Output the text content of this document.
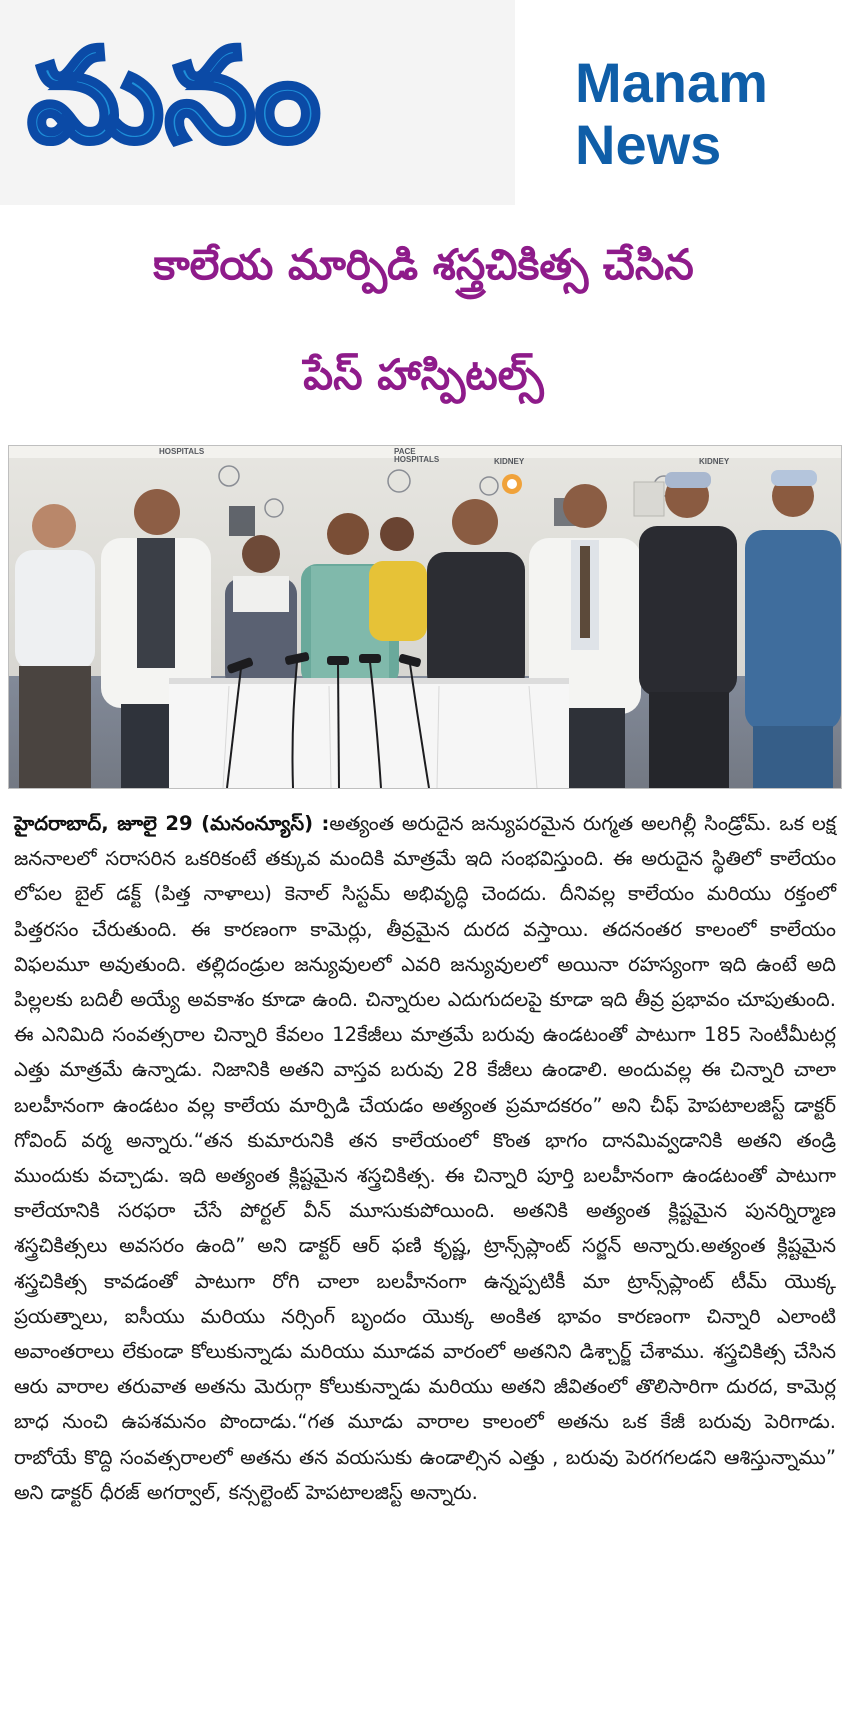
మనం	Manam
News
కాలేయ మార్పిడి శస్త్రచికిత్స చేసిన
పేస్ హాస్పిటల్స్
HOSPITALS	PACE
HOSPITALS	KIDNEY	KIDNEY
హైదరాబాద్, జూలై 29 (మనంన్యూస్) :అత్యంత అరుదైన జన్యుపరమైన రుగ్మత అలగిల్లీ సిండ్రోమ్. ఒక లక్ష జననాలలో సరాసరిన ఒకరికంటే తక్కువ మందికి మాత్రమే ఇది సంభవిస్తుంది. ఈ అరుదైన స్థితిలో కాలేయం లోపల బైల్ డక్ట్ (పిత్త నాళాలు) కెనాల్ సిస్టమ్ అభివృద్ధి చెందదు. దీనివల్ల కాలేయం మరియు రక్తంలో పిత్తరసం చేరుతుంది. ఈ కారణంగా కామెర్లు, తీవ్రమైన దురద వస్తాయి. తదనంతర కాలంలో కాలేయం విఫలమూ అవుతుంది. తల్లిదండ్రుల జన్యువులలో ఎవరి జన్యువులలో అయినా రహస్యంగా ఇది ఉంటే అది పిల్లలకు బదిలీ అయ్యే అవకాశం కూడా ఉంది. చిన్నారుల ఎదుగుదలపై కూడా ఇది తీవ్ర ప్రభావం చూపుతుంది. ఈ ఎనిమిది సంవత్సరాల చిన్నారి కేవలం 12కేజీలు మాత్రమే బరువు ఉండటంతో పాటుగా 185 సెంటీమీటర్ల ఎత్తు మాత్రమే ఉన్నాడు. నిజానికి అతని వాస్తవ బరువు 28 కేజీలు ఉండాలి. అందువల్ల ఈ చిన్నారి చాలా బలహీనంగా ఉండటం వల్ల కాలేయ మార్పిడి చేయడం అత్యంత ప్రమాదకరం” అని చీఫ్ హెపటాలజిస్ట్ డాక్టర్ గోవింద్ వర్మ అన్నారు.“తన కుమారునికి తన కాలేయంలో కొంత భాగం దానమివ్వడానికి అతని తండ్రి ముందుకు వచ్చాడు. ఇది అత్యంత క్లిష్టమైన శస్త్రచికిత్స. ఈ చిన్నారి పూర్తి బలహీనంగా ఉండటంతో పాటుగా కాలేయానికి సరఫరా చేసే పోర్టల్ వీన్ మూసుకుపోయింది. అతనికి అత్యంత క్లిష్టమైన పునర్నిర్మాణ శస్త్రచికిత్సలు అవసరం ఉంది” అని డాక్టర్ ఆర్ ఫణి కృష్ణ, ట్రాన్స్‌ప్లాంట్ సర్జన్ అన్నారు.అత్యంత క్లిష్టమైన శస్త్రచికిత్స కావడంతో పాటుగా రోగి చాలా బలహీనంగా ఉన్నప్పటికీ మా ట్రాన్స్‌ప్లాంట్ టీమ్ యొక్క ప్రయత్నాలు, ఐసీయు మరియు నర్సింగ్ బృందం యొక్క అంకిత భావం కారణంగా చిన్నారి ఎలాంటి అవాంతరాలు లేకుండా కోలుకున్నాడు మరియు మూడవ వారంలో అతనిని డిశ్చార్జ్ చేశాము. శస్త్రచికిత్స చేసిన ఆరు వారాల తరువాత అతను మెరుగ్గా కోలుకున్నాడు మరియు అతని జీవితంలో తొలిసారిగా దురద, కామెర్ల బాధ నుంచి ఉపశమనం పొందాడు.“గత మూడు వారాల కాలంలో అతను ఒక కేజీ బరువు పెరిగాడు. రాబోయే కొద్ది సంవత్సరాలలో అతను తన వయసుకు ఉండాల్సిన ఎత్తు , బరువు పెరగగలడని ఆశిస్తున్నాము” అని డాక్టర్ ధీరజ్ అగర్వాల్, కన్సల్టెంట్ హెపటాలజిస్ట్ అన్నారు.
